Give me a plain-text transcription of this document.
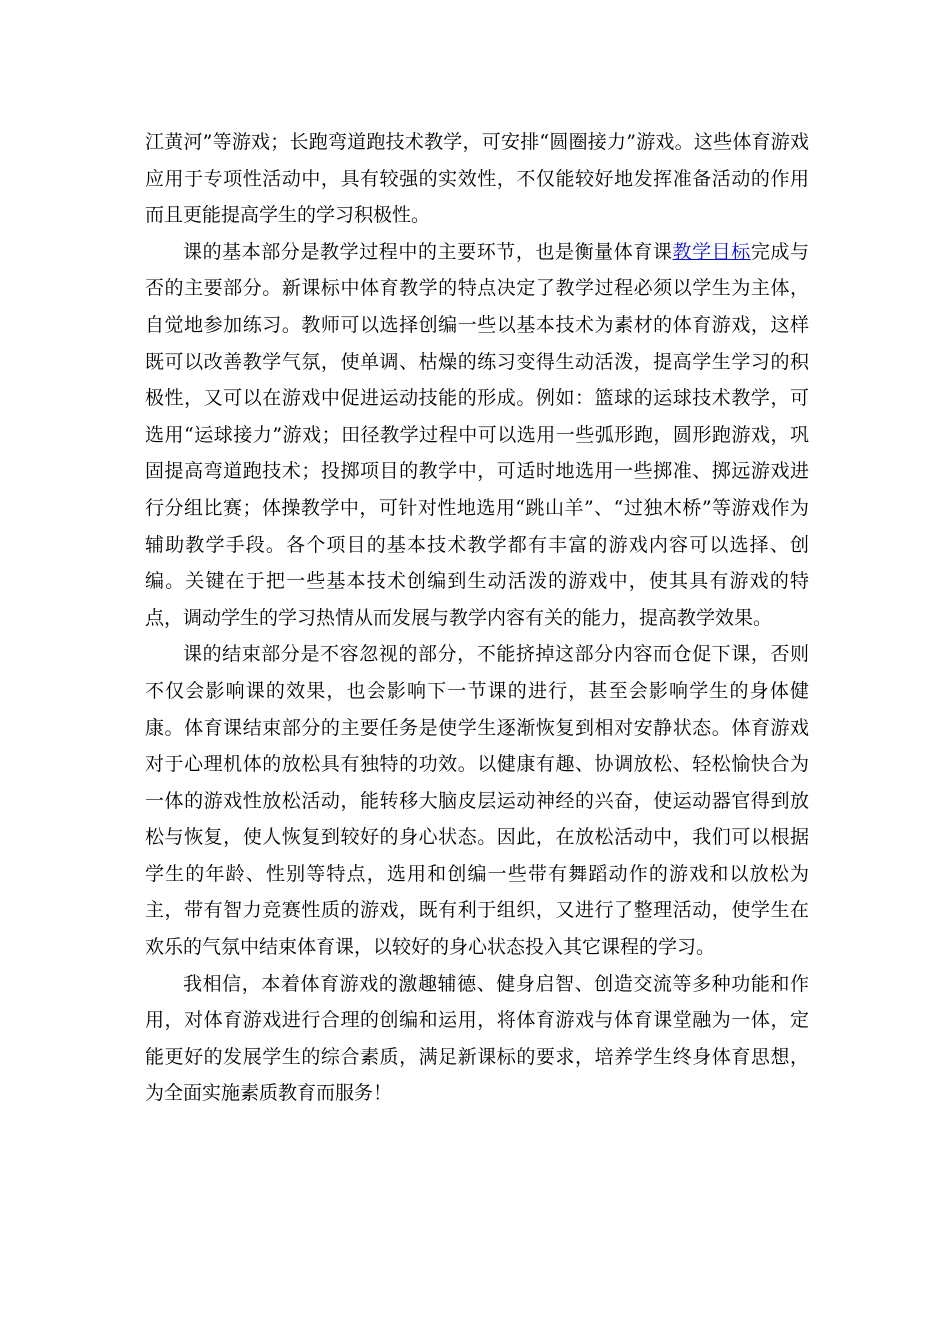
江黄河”等游戏；长跑弯道跑技术教学，可安排“圆圈接力”游戏。这些体育游戏应用于专项性活动中，具有较强的实效性，不仅能较好地发挥准备活动的作用而且更能提高学生的学习积极性。

课的基本部分是教学过程中的主要环节，也是衡量体育课教学目标完成与否的主要部分。新课标中体育教学的特点决定了教学过程必须以学生为主体，自觉地参加练习。教师可以选择创编一些以基本技术为素材的体育游戏，这样既可以改善教学气氛，使单调、枯燥的练习变得生动活泼，提高学生学习的积极性，又可以在游戏中促进运动技能的形成。例如：篮球的运球技术教学，可选用“运球接力”游戏；田径教学过程中可以选用一些弧形跑，圆形跑游戏，巩固提高弯道跑技术；投掷项目的教学中，可适时地选用一些掷准、掷远游戏进行分组比赛；体操教学中，可针对性地选用“跳山羊”、“过独木桥”等游戏作为辅助教学手段。各个项目的基本技术教学都有丰富的游戏内容可以选择、创编。关键在于把一些基本技术创编到生动活泼的游戏中，使其具有游戏的特点，调动学生的学习热情从而发展与教学内容有关的能力，提高教学效果。

课的结束部分是不容忽视的部分，不能挤掉这部分内容而仓促下课，否则不仅会影响课的效果，也会影响下一节课的进行，甚至会影响学生的身体健康。体育课结束部分的主要任务是使学生逐渐恢复到相对安静状态。体育游戏对于心理机体的放松具有独特的功效。以健康有趣、协调放松、轻松愉快合为一体的游戏性放松活动，能转移大脑皮层运动神经的兴奋，使运动器官得到放松与恢复，使人恢复到较好的身心状态。因此，在放松活动中，我们可以根据学生的年龄、性别等特点，选用和创编一些带有舞蹈动作的游戏和以放松为主，带有智力竞赛性质的游戏，既有利于组织，又进行了整理活动，使学生在欢乐的气氛中结束体育课，以较好的身心状态投入其它课程的学习。

我相信，本着体育游戏的激趣辅德、健身启智、创造交流等多种功能和作用，对体育游戏进行合理的创编和运用，将体育游戏与体育课堂融为一体，定能更好的发展学生的综合素质，满足新课标的要求，培养学生终身体育思想，为全面实施素质教育而服务！
